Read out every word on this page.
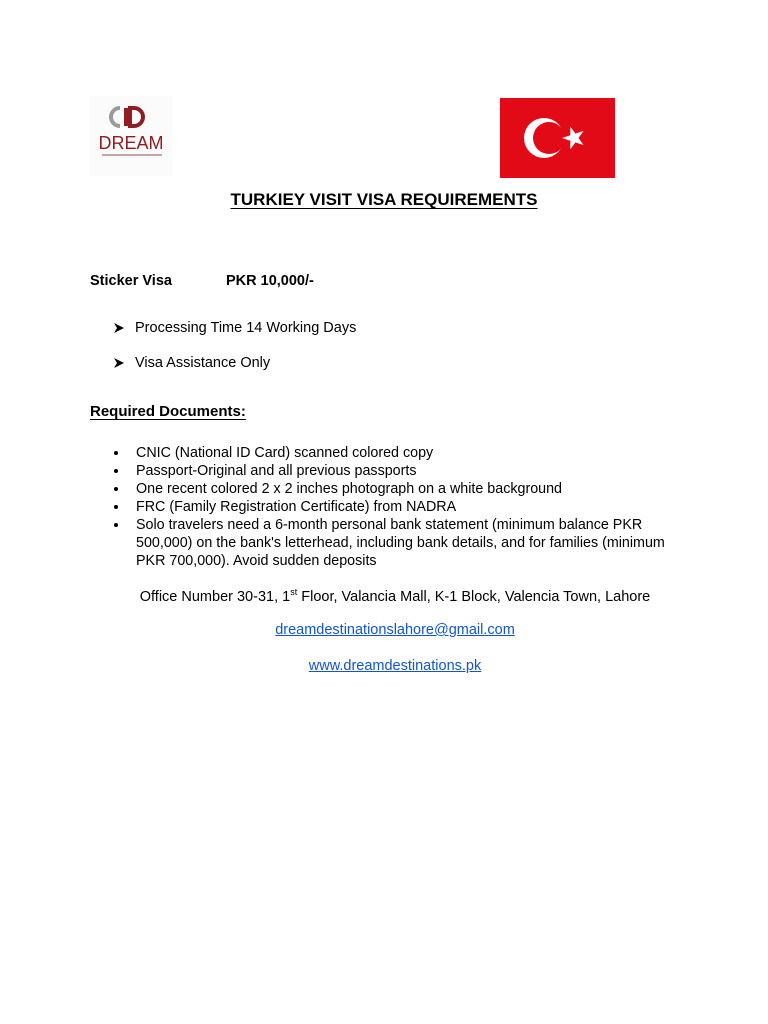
DREAM
TURKIEY VISIT VISA REQUIREMENTS
Sticker Visa	PKR 10,000/-
Processing Time 14 Working Days
Visa Assistance Only
Required Documents:
CNIC (National ID Card) scanned colored copy
Passport-Original and all previous passports
One recent colored 2 x 2 inches photograph on a white background
FRC (Family Registration Certificate) from NADRA
Solo travelers need a 6-month personal bank statement (minimum balance PKR 500,000) on the bank's letterhead, including bank details, and for families (minimum PKR 700,000). Avoid sudden deposits
Office Number 30-31, 1st Floor, Valancia Mall, K-1 Block, Valencia Town, Lahore
dreamdestinationslahore@gmail.com
www.dreamdestinations.pk
